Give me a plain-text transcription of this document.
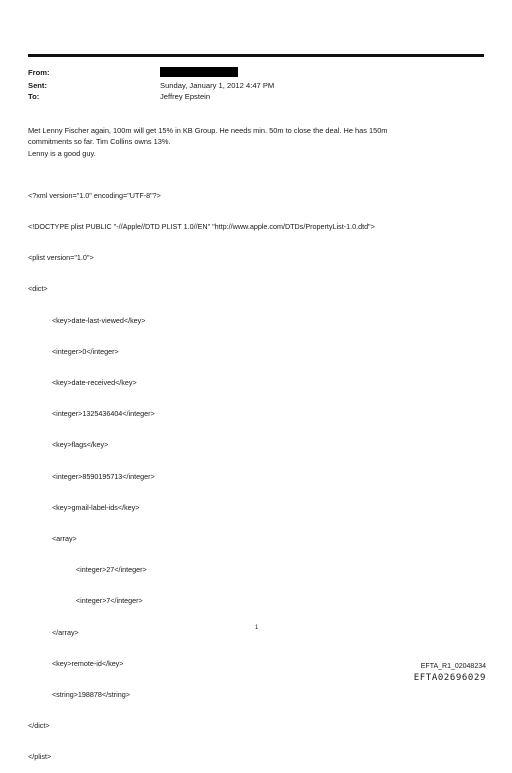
From:
Sent:	Sunday, January 1, 2012 4:47 PM
To:	Jeffrey Epstein
Met Lenny Fischer again, 100m will get 15% in KB Group. He needs min. 50m to close the deal. He has 150m
commitments so far. Tim Collins owns 13%.
Lenny is a good guy.

<?xml version="1.0" encoding="UTF-8"?>

<!DOCTYPE plist PUBLIC "-//Apple//DTD PLIST 1.0//EN" "http://www.apple.com/DTDs/PropertyList-1.0.dtd">

<plist version="1.0">

<dict>

<key>date-last-viewed</key>

<integer>0</integer>

<key>date-received</key>

<integer>1325436404</integer>

<key>flags</key>

<integer>8590195713</integer>

<key>gmail-label-ids</key>

<array>

<integer>27</integer>

<integer>7</integer>

</array>

<key>remote-id</key>

<string>198878</string>

</dict>

</plist>

1
EFTA_R1_02048234
EFTA02696029
